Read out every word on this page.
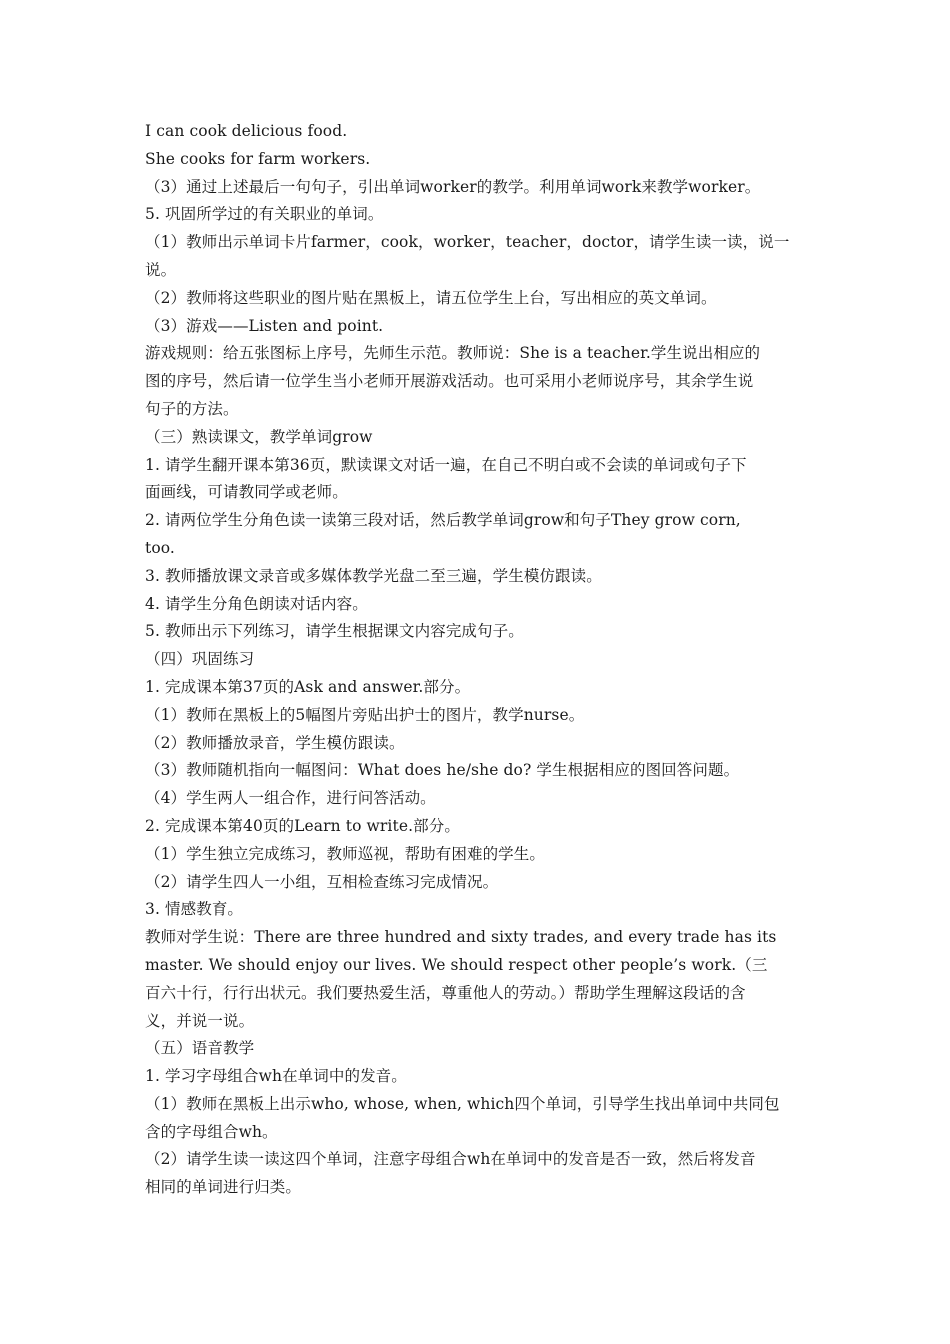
I can cook delicious food.
She cooks for farm workers.
（3）通过上述最后一句句子，引出单词worker的教学。利用单词work来教学worker。
5. 巩固所学过的有关职业的单词。
（1）教师出示单词卡片farmer，cook，worker，teacher，doctor，请学生读一读，说一
说。
（2）教师将这些职业的图片贴在黑板上，请五位学生上台，写出相应的英文单词。
（3）游戏——Listen and point.
游戏规则：给五张图标上序号，先师生示范。教师说：She is a teacher.学生说出相应的
图的序号，然后请一位学生当小老师开展游戏活动。也可采用小老师说序号，其余学生说
句子的方法。
（三）熟读课文，教学单词grow
1. 请学生翻开课本第36页，默读课文对话一遍，在自己不明白或不会读的单词或句子下
面画线，可请教同学或老师。
2. 请两位学生分角色读一读第三段对话，然后教学单词grow和句子They grow corn,
too.
3. 教师播放课文录音或多媒体教学光盘二至三遍，学生模仿跟读。
4. 请学生分角色朗读对话内容。
5. 教师出示下列练习，请学生根据课文内容完成句子。
（四）巩固练习
1. 完成课本第37页的Ask and answer.部分。
（1）教师在黑板上的5幅图片旁贴出护士的图片，教学nurse。
（2）教师播放录音，学生模仿跟读。
（3）教师随机指向一幅图问：What does he/she do? 学生根据相应的图回答问题。
（4）学生两人一组合作，进行问答活动。
2. 完成课本第40页的Learn to write.部分。
（1）学生独立完成练习，教师巡视，帮助有困难的学生。
（2）请学生四人一小组，互相检查练习完成情况。
3. 情感教育。
教师对学生说：There are three hundred and sixty trades, and every trade has its
master. We should enjoy our lives. We should respect other people’s work.（三
百六十行，行行出状元。我们要热爱生活，尊重他人的劳动。）帮助学生理解这段话的含
义，并说一说。
（五）语音教学
1. 学习字母组合wh在单词中的发音。
（1）教师在黑板上出示who, whose, when, which四个单词，引导学生找出单词中共同包
含的字母组合wh。
（2）请学生读一读这四个单词，注意字母组合wh在单词中的发音是否一致，然后将发音
相同的单词进行归类。
